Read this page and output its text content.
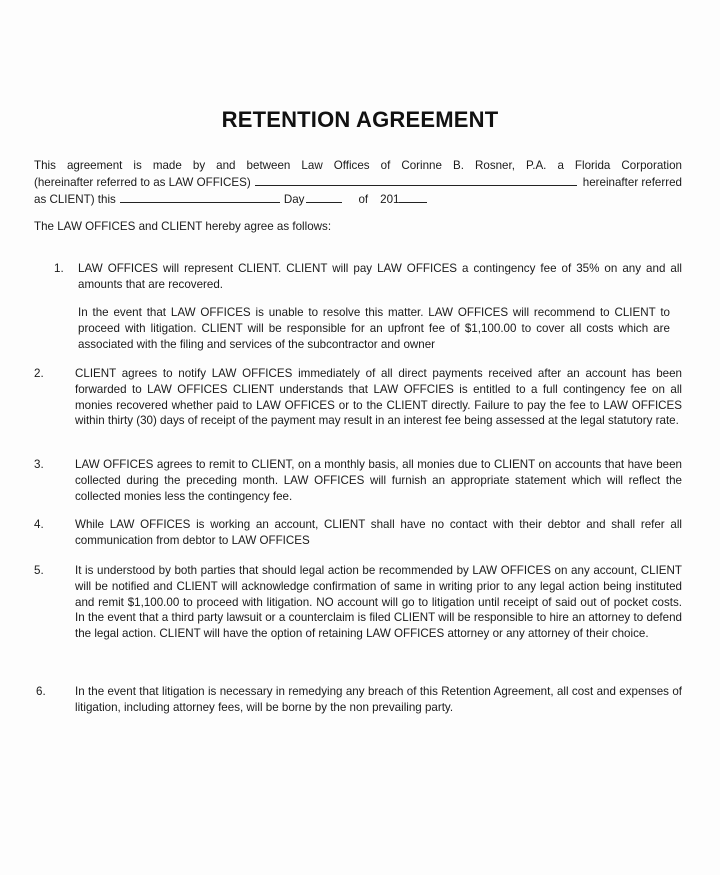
RETENTION AGREEMENT
This agreement is made by and between Law Offices of Corinne B. Rosner, P.A. a Florida Corporation
(hereinafter referred to as LAW OFFICES)	hereinafter referred
as CLIENT) this	Day	of 201
The LAW OFFICES and CLIENT hereby agree as follows:
1. LAW OFFICES will represent CLIENT. CLIENT will pay LAW OFFICES a contingency fee of 35% on any and all amounts that are recovered.
In the event that LAW OFFICES is unable to resolve this matter. LAW OFFICES will recommend to CLIENT to proceed with litigation. CLIENT will be responsible for an upfront fee of $1,100.00 to cover all costs which are associated with the filing and services of the subcontractor and owner
2.	CLIENT agrees to notify LAW OFFICES immediately of all direct payments received after an account has been forwarded to LAW OFFICES CLIENT understands that LAW OFFCIES is entitled to a full contingency fee on all monies recovered whether paid to LAW OFFICES or to the CLIENT directly. Failure to pay the fee to LAW OFFICES within thirty (30) days of receipt of the payment may result in an interest fee being assessed at the legal statutory rate.
3.	LAW OFFICES agrees to remit to CLIENT, on a monthly basis, all monies due to CLIENT on accounts that have been collected during the preceding month. LAW OFFICES will furnish an appropriate statement which will reflect the collected monies less the contingency fee.
4.	While LAW OFFICES is working an account, CLIENT shall have no contact with their debtor and shall refer all communication from debtor to LAW OFFICES
5.	It is understood by both parties that should legal action be recommended by LAW OFFICES on any account, CLIENT will be notified and CLIENT will acknowledge confirmation of same in writing prior to any legal action being instituted and remit $1,100.00 to proceed with litigation. NO account will go to litigation until receipt of said out of pocket costs. In the event that a third party lawsuit or a counterclaim is filed CLIENT will be responsible to hire an attorney to defend the legal action. CLIENT will have the option of retaining LAW OFFICES attorney or any attorney of their choice.
6.	In the event that litigation is necessary in remedying any breach of this Retention Agreement, all cost and expenses of litigation, including attorney fees, will be borne by the non prevailing party.
